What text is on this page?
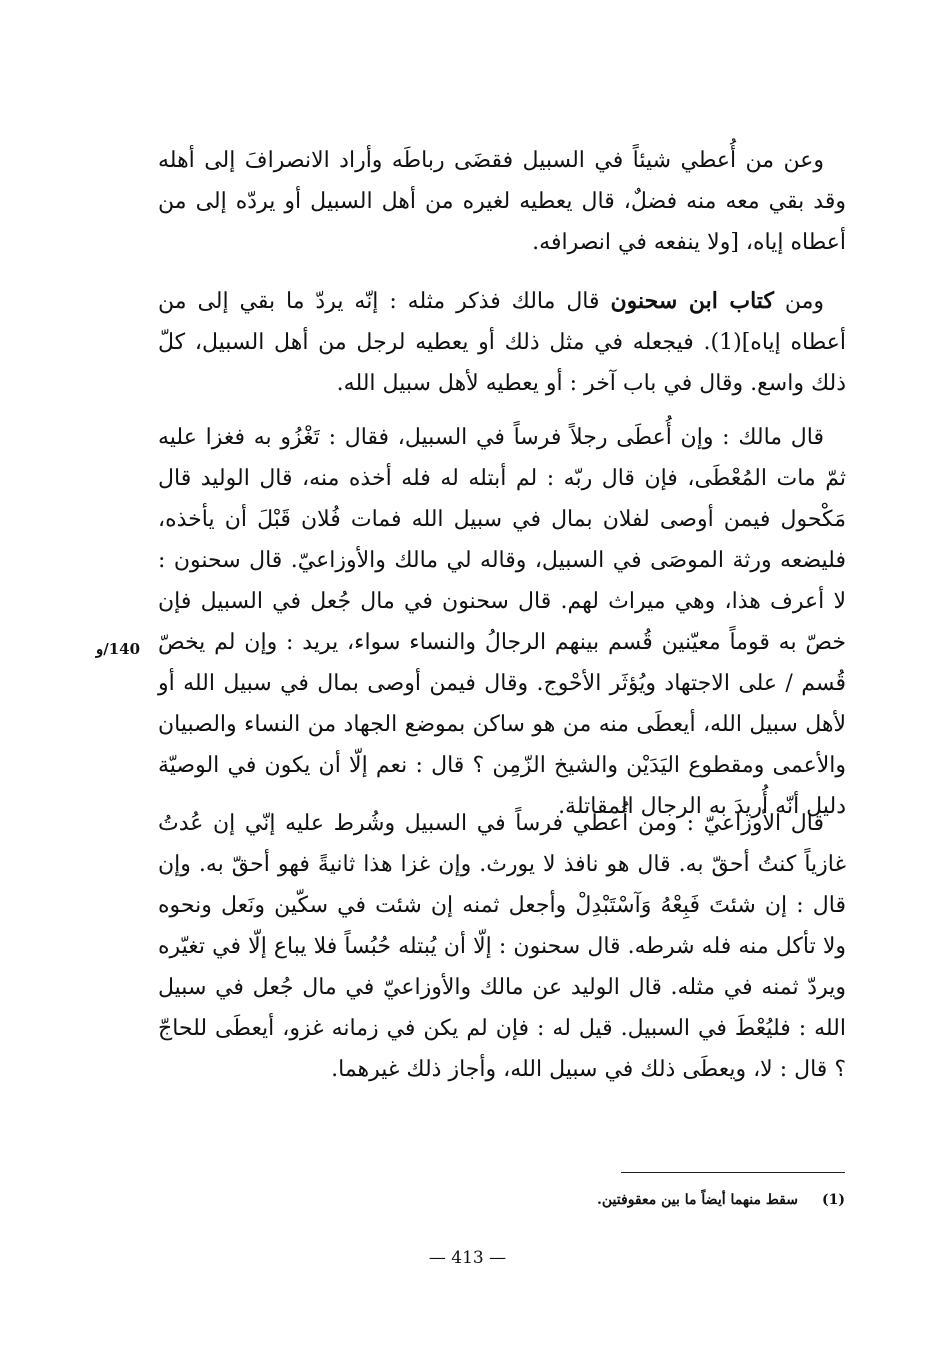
وعن من أُعطي شيئاً في السبيل فقضَى رباطَه وأراد الانصرافَ إلى أهله وقد بقي معه منه فضلٌ، قال يعطيه لغيره من أهل السبيل أو يردّه إلى من أعطاه إياه، [ولا ينفعه في انصرافه.

ومن كتاب ابن سحنون قال مالك فذكر مثله : إنّه يردّ ما بقي إلى من أعطاه إياه](1). فيجعله في مثل ذلك أو يعطيه لرجل من أهل السبيل، كلّ ذلك واسع. وقال في باب آخر : أو يعطيه لأهل سبيل الله.

قال مالك : وإن أُعطَى رجلاً فرساً في السبيل، فقال : تَغْزُو به فغزا عليه ثمّ مات المُعْطَى، فإن قال ربّه : لم أبتله له فله أخذه منه، قال الوليد قال مَكْحول فيمن أوصى لفلان بمال في سبيل الله فمات فُلان قَبْلَ أن يأخذه، فليضعه ورثة الموصَى في السبيل، وقاله لي مالك والأوزاعيّ. قال سحنون : لا أعرف هذا، وهي ميراث لهم. قال سحنون في مال جُعل في السبيل فإن خصّ به قوماً معيّنين قُسم بينهم الرجالُ والنساء سواء، يريد : وإن لم يخصّ قُسم / على الاجتهاد ويُؤثَر الأحْوج. وقال فيمن أوصى بمال في سبيل الله أو لأهل سبيل الله، أيعطَى منه من هو ساكن بموضع الجهاد من النساء والصبيان والأعمى ومقطوع اليَدَيْن والشيخ الزّمِن ؟ قال : نعم إلّا أن يكون في الوصيّة دليل أنّه أُريدَ به الرجال المقاتلة.

قال الأوزاعيّ : ومن أُعطي فرساً في السبيل وشُرط عليه إنّي إن عُدتُ غازياً كنتُ أحقّ به. قال هو نافذ لا يورث. وإن غزا هذا ثانيةً فهو أحقّ به. وإن قال : إن شئتَ فَبِعْهُ وَآسْتَبْدِلْ وأجعل ثمنه إن شئت في سكّين ونَعل ونحوه ولا تأكل منه فله شرطه. قال سحنون : إلّا أن يُبتله حُبُساً فلا يباع إلّا في تغيّره ويردّ ثمنه في مثله. قال الوليد عن مالك والأوزاعيّ في مال جُعل في سبيل الله : فليُعْطَ في السبيل. قيل له : فإن لم يكن في زمانه غزو، أيعطَى للحاجّ ؟ قال : لا، ويعطَى ذلك في سبيل الله، وأجاز ذلك غيرهما.

140/و
(1)سقط منهما أيضاً ما بين معقوفتين.
— 413 —
